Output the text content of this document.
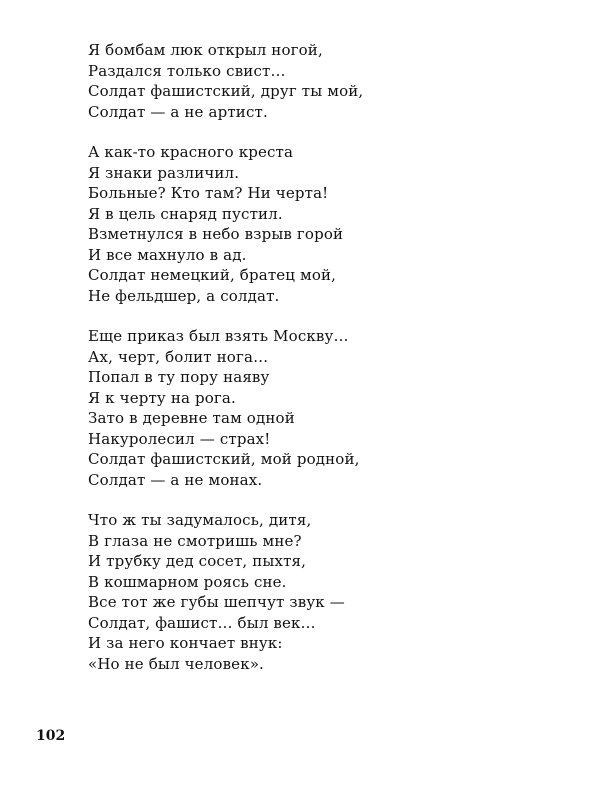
Я бомбам люк открыл ногой,
Раздался только свист…
Солдат фашистский, друг ты мой,
Солдат — а не артист.
А как-то красного креста
Я знаки различил.
Больные? Кто там? Ни черта!
Я в цель снаряд пустил.
Взметнулся в небо взрыв горой
И все махнуло в ад.
Солдат немецкий, братец мой,
Не фельдшер, а солдат.
Еще приказ был взять Москву…
Ах, черт, болит нога…
Попал в ту пору наяву
Я к черту на рога.
Зато в деревне там одной
Накуролесил — страх!
Солдат фашистский, мой родной,
Солдат — а не монах.
Что ж ты задумалось, дитя,
В глаза не смотришь мне?
И трубку дед сосет, пыхтя,
В кошмарном роясь сне.
Все тот же губы шепчут звук —
Солдат, фашист… был век…
И за него кончает внук:
«Но не был человек».
102
